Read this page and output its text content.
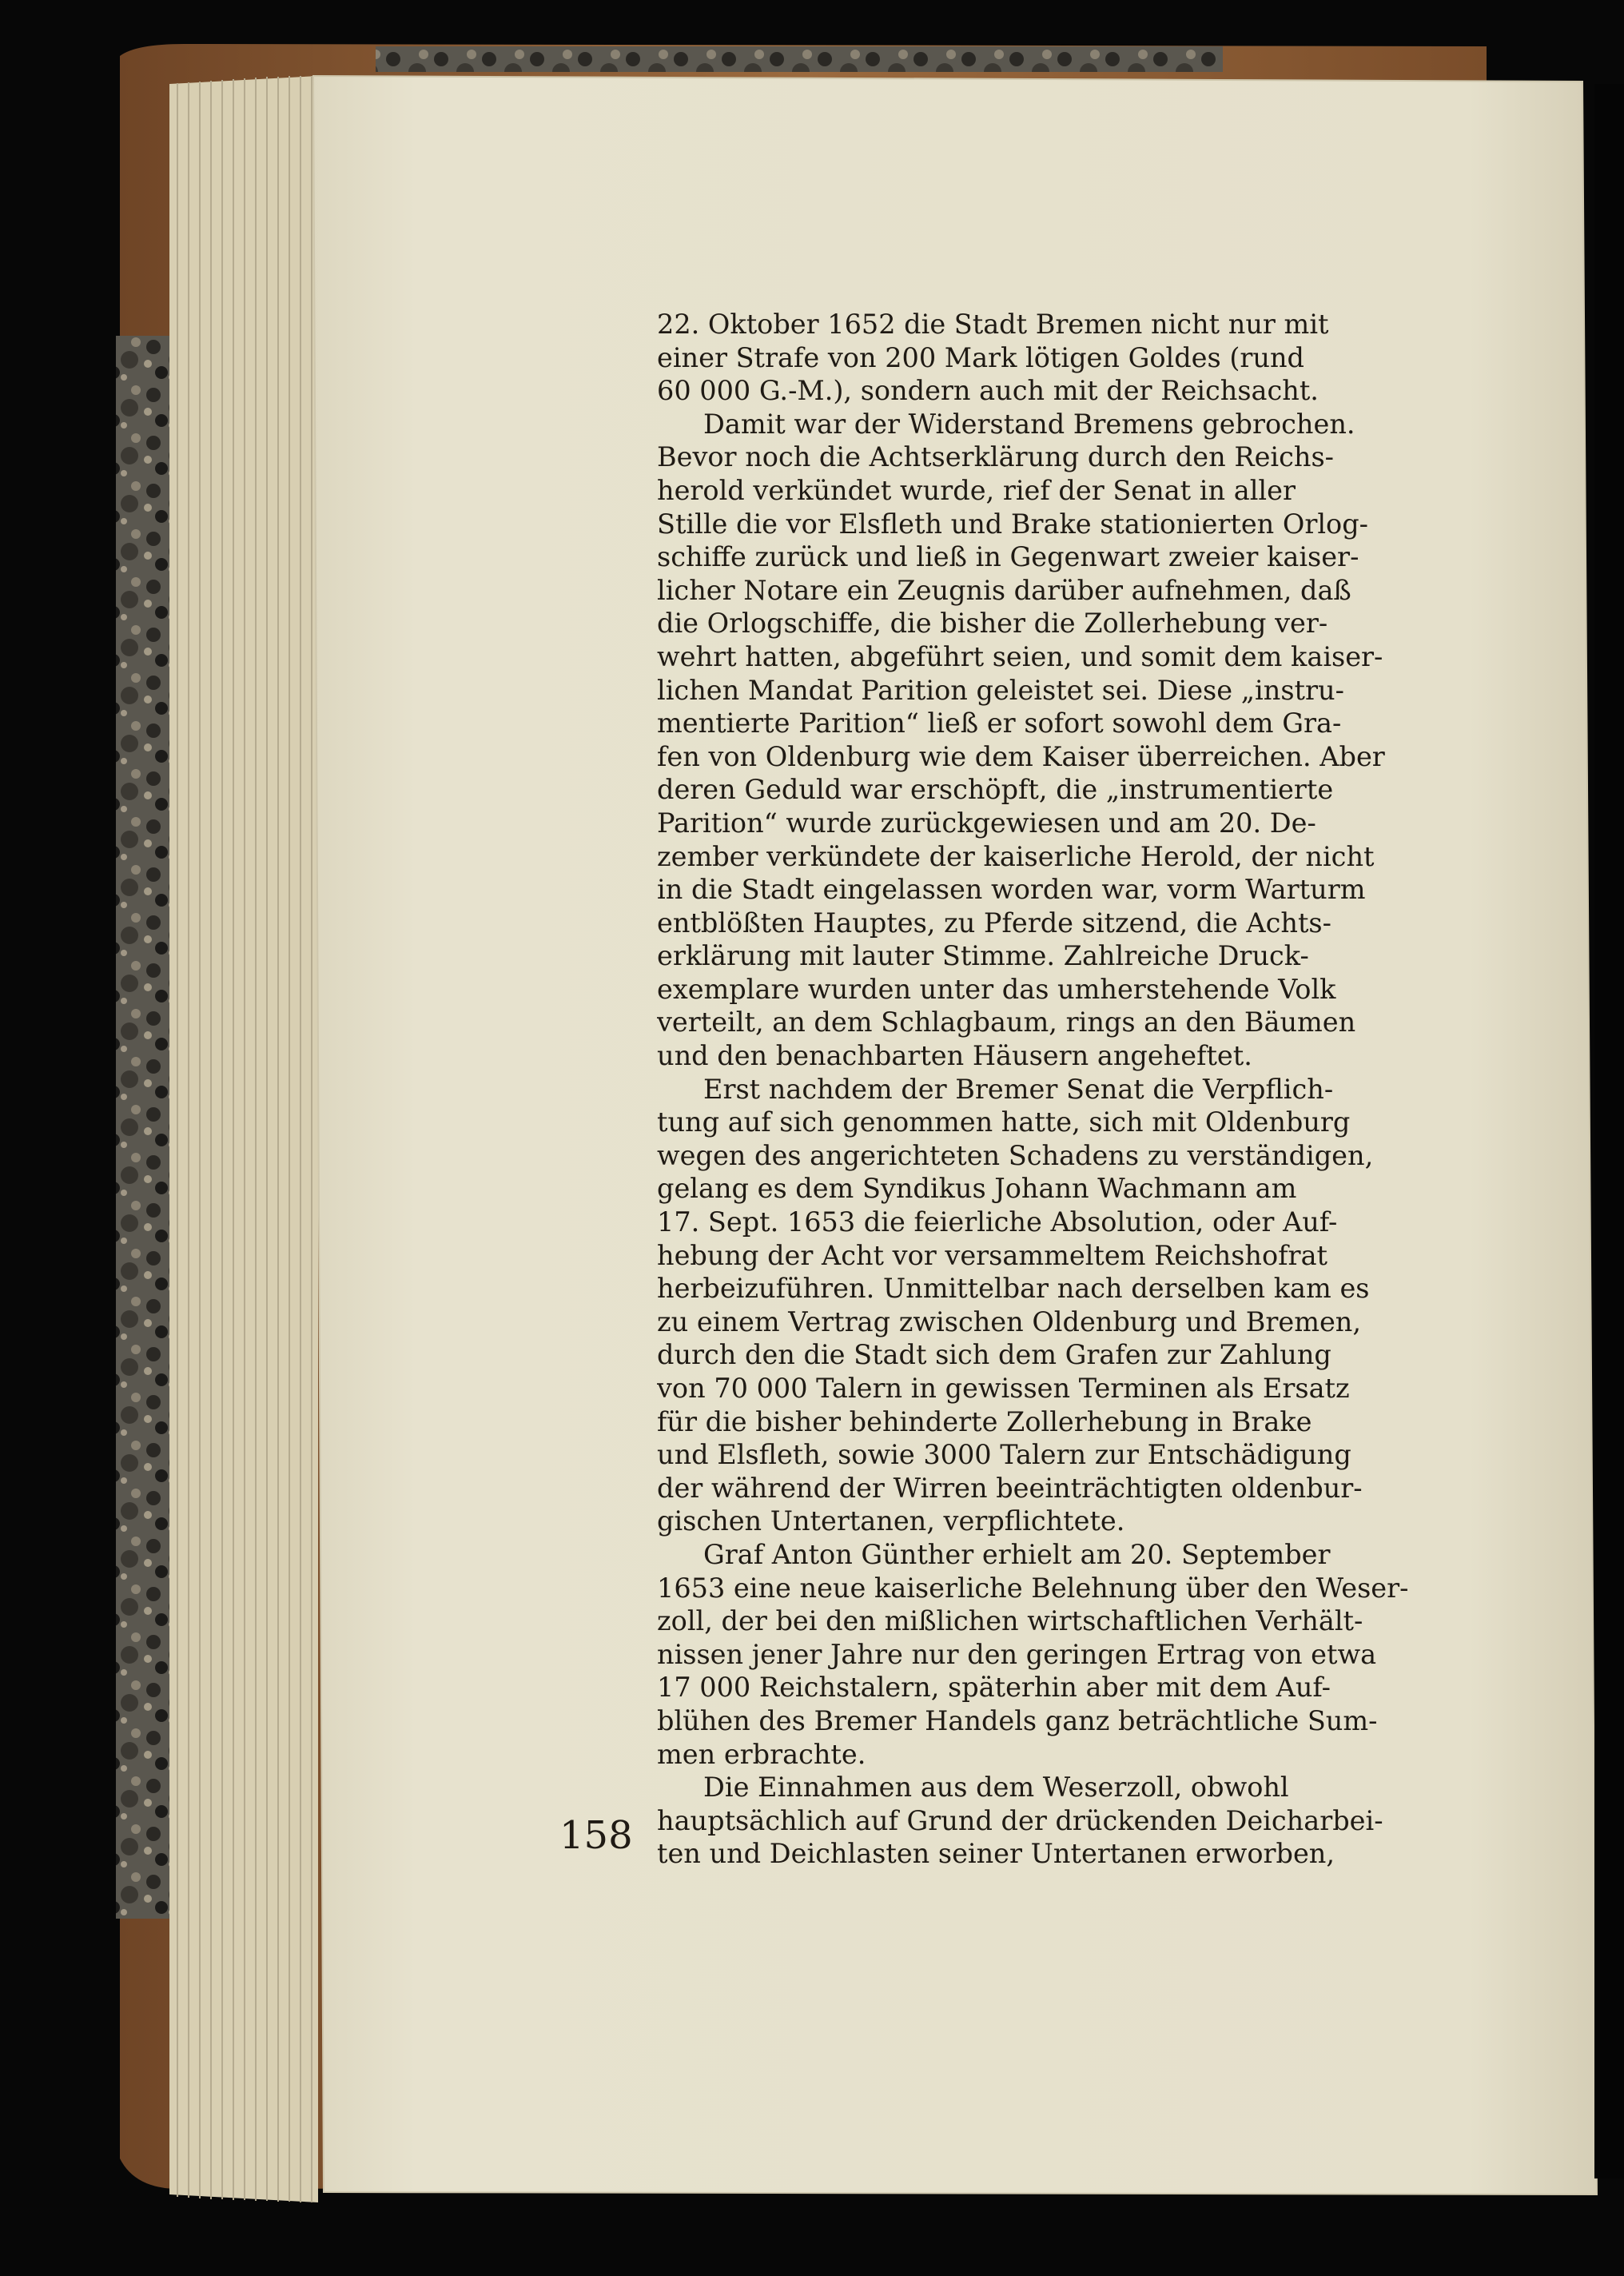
22. Oktober 1652 die Stadt Bremen nicht nur mit
einer Strafe von 200 Mark lötigen Goldes (rund
60 000 G.-M.), sondern auch mit der Reichsacht.
Damit war der Widerstand Bremens gebrochen.
Bevor noch die Achtserklärung durch den Reichs-
herold verkündet wurde, rief der Senat in aller
Stille die vor Elsfleth und Brake stationierten Orlog-
schiffe zurück und ließ in Gegenwart zweier kaiser-
licher Notare ein Zeugnis darüber aufnehmen, daß
die Orlogschiffe, die bisher die Zollerhebung ver-
wehrt hatten, abgeführt seien, und somit dem kaiser-
lichen Mandat Parition geleistet sei. Diese „instru-
mentierte Parition“ ließ er sofort sowohl dem Gra-
fen von Oldenburg wie dem Kaiser überreichen. Aber
deren Geduld war erschöpft, die „instrumentierte
Parition“ wurde zurückgewiesen und am 20. De-
zember verkündete der kaiserliche Herold, der nicht
in die Stadt eingelassen worden war, vorm Warturm
entblößten Hauptes, zu Pferde sitzend, die Achts-
erklärung mit lauter Stimme. Zahlreiche Druck-
exemplare wurden unter das umherstehende Volk
verteilt, an dem Schlagbaum, rings an den Bäumen
und den benachbarten Häusern angeheftet.
Erst nachdem der Bremer Senat die Verpflich-
tung auf sich genommen hatte, sich mit Oldenburg
wegen des angerichteten Schadens zu verständigen,
gelang es dem Syndikus Johann Wachmann am
17. Sept. 1653 die feierliche Absolution, oder Auf-
hebung der Acht vor versammeltem Reichshofrat
herbeizuführen. Unmittelbar nach derselben kam es
zu einem Vertrag zwischen Oldenburg und Bremen,
durch den die Stadt sich dem Grafen zur Zahlung
von 70 000 Talern in gewissen Terminen als Ersatz
für die bisher behinderte Zollerhebung in Brake
und Elsfleth, sowie 3000 Talern zur Entschädigung
der während der Wirren beeinträchtigten oldenbur-
gischen Untertanen, verpflichtete.
Graf Anton Günther erhielt am 20. September
1653 eine neue kaiserliche Belehnung über den Weser-
zoll, der bei den mißlichen wirtschaftlichen Verhält-
nissen jener Jahre nur den geringen Ertrag von etwa
17 000 Reichstalern, späterhin aber mit dem Auf-
blühen des Bremer Handels ganz beträchtliche Sum-
men erbrachte.
Die Einnahmen aus dem Weserzoll, obwohl
hauptsächlich auf Grund der drückenden Deicharbei-
ten und Deichlasten seiner Untertanen erworben,
158
